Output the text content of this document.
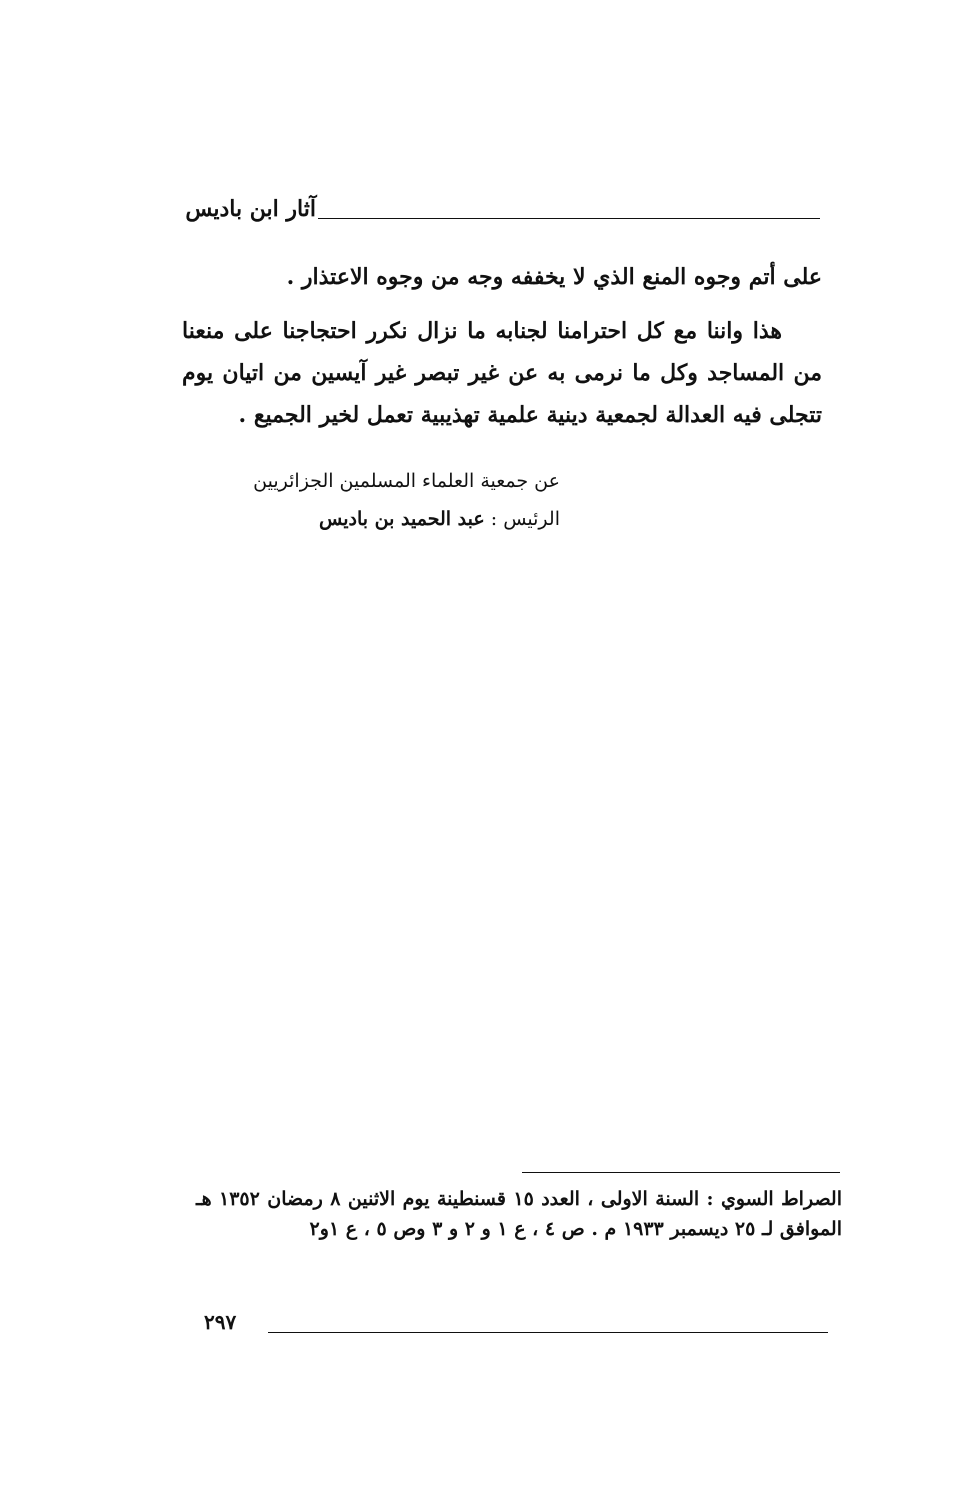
آثار ابن باديس

على أتم وجوه المنع الذي لا يخففه وجه من وجوه الاعتذار .

هذا واننا مع كل احترامنا لجنابه ما نزال نكرر احتجاجنا على منعنا من المساجد وكل ما نرمى به عن غير تبصر غير آيسين من اتيان يوم تتجلى فيه العدالة لجمعية دينية علمية تهذيبية تعمل لخير الجميع .

عن جمعية العلماء المسلمين الجزائريين

الرئيس : عبد الحميد بن باديس

الصراط السوي : السنة الاولى ، العدد ١٥ قسنطينة يوم الاثنين ٨ رمضان ١٣٥٢ هـ الموافق لـ ٢٥ ديسمبر ١٩٣٣ م . ص ٤ ، ع ١ و ٢ و ٣ وص ٥ ، ع ١و٢

٢٩٧
